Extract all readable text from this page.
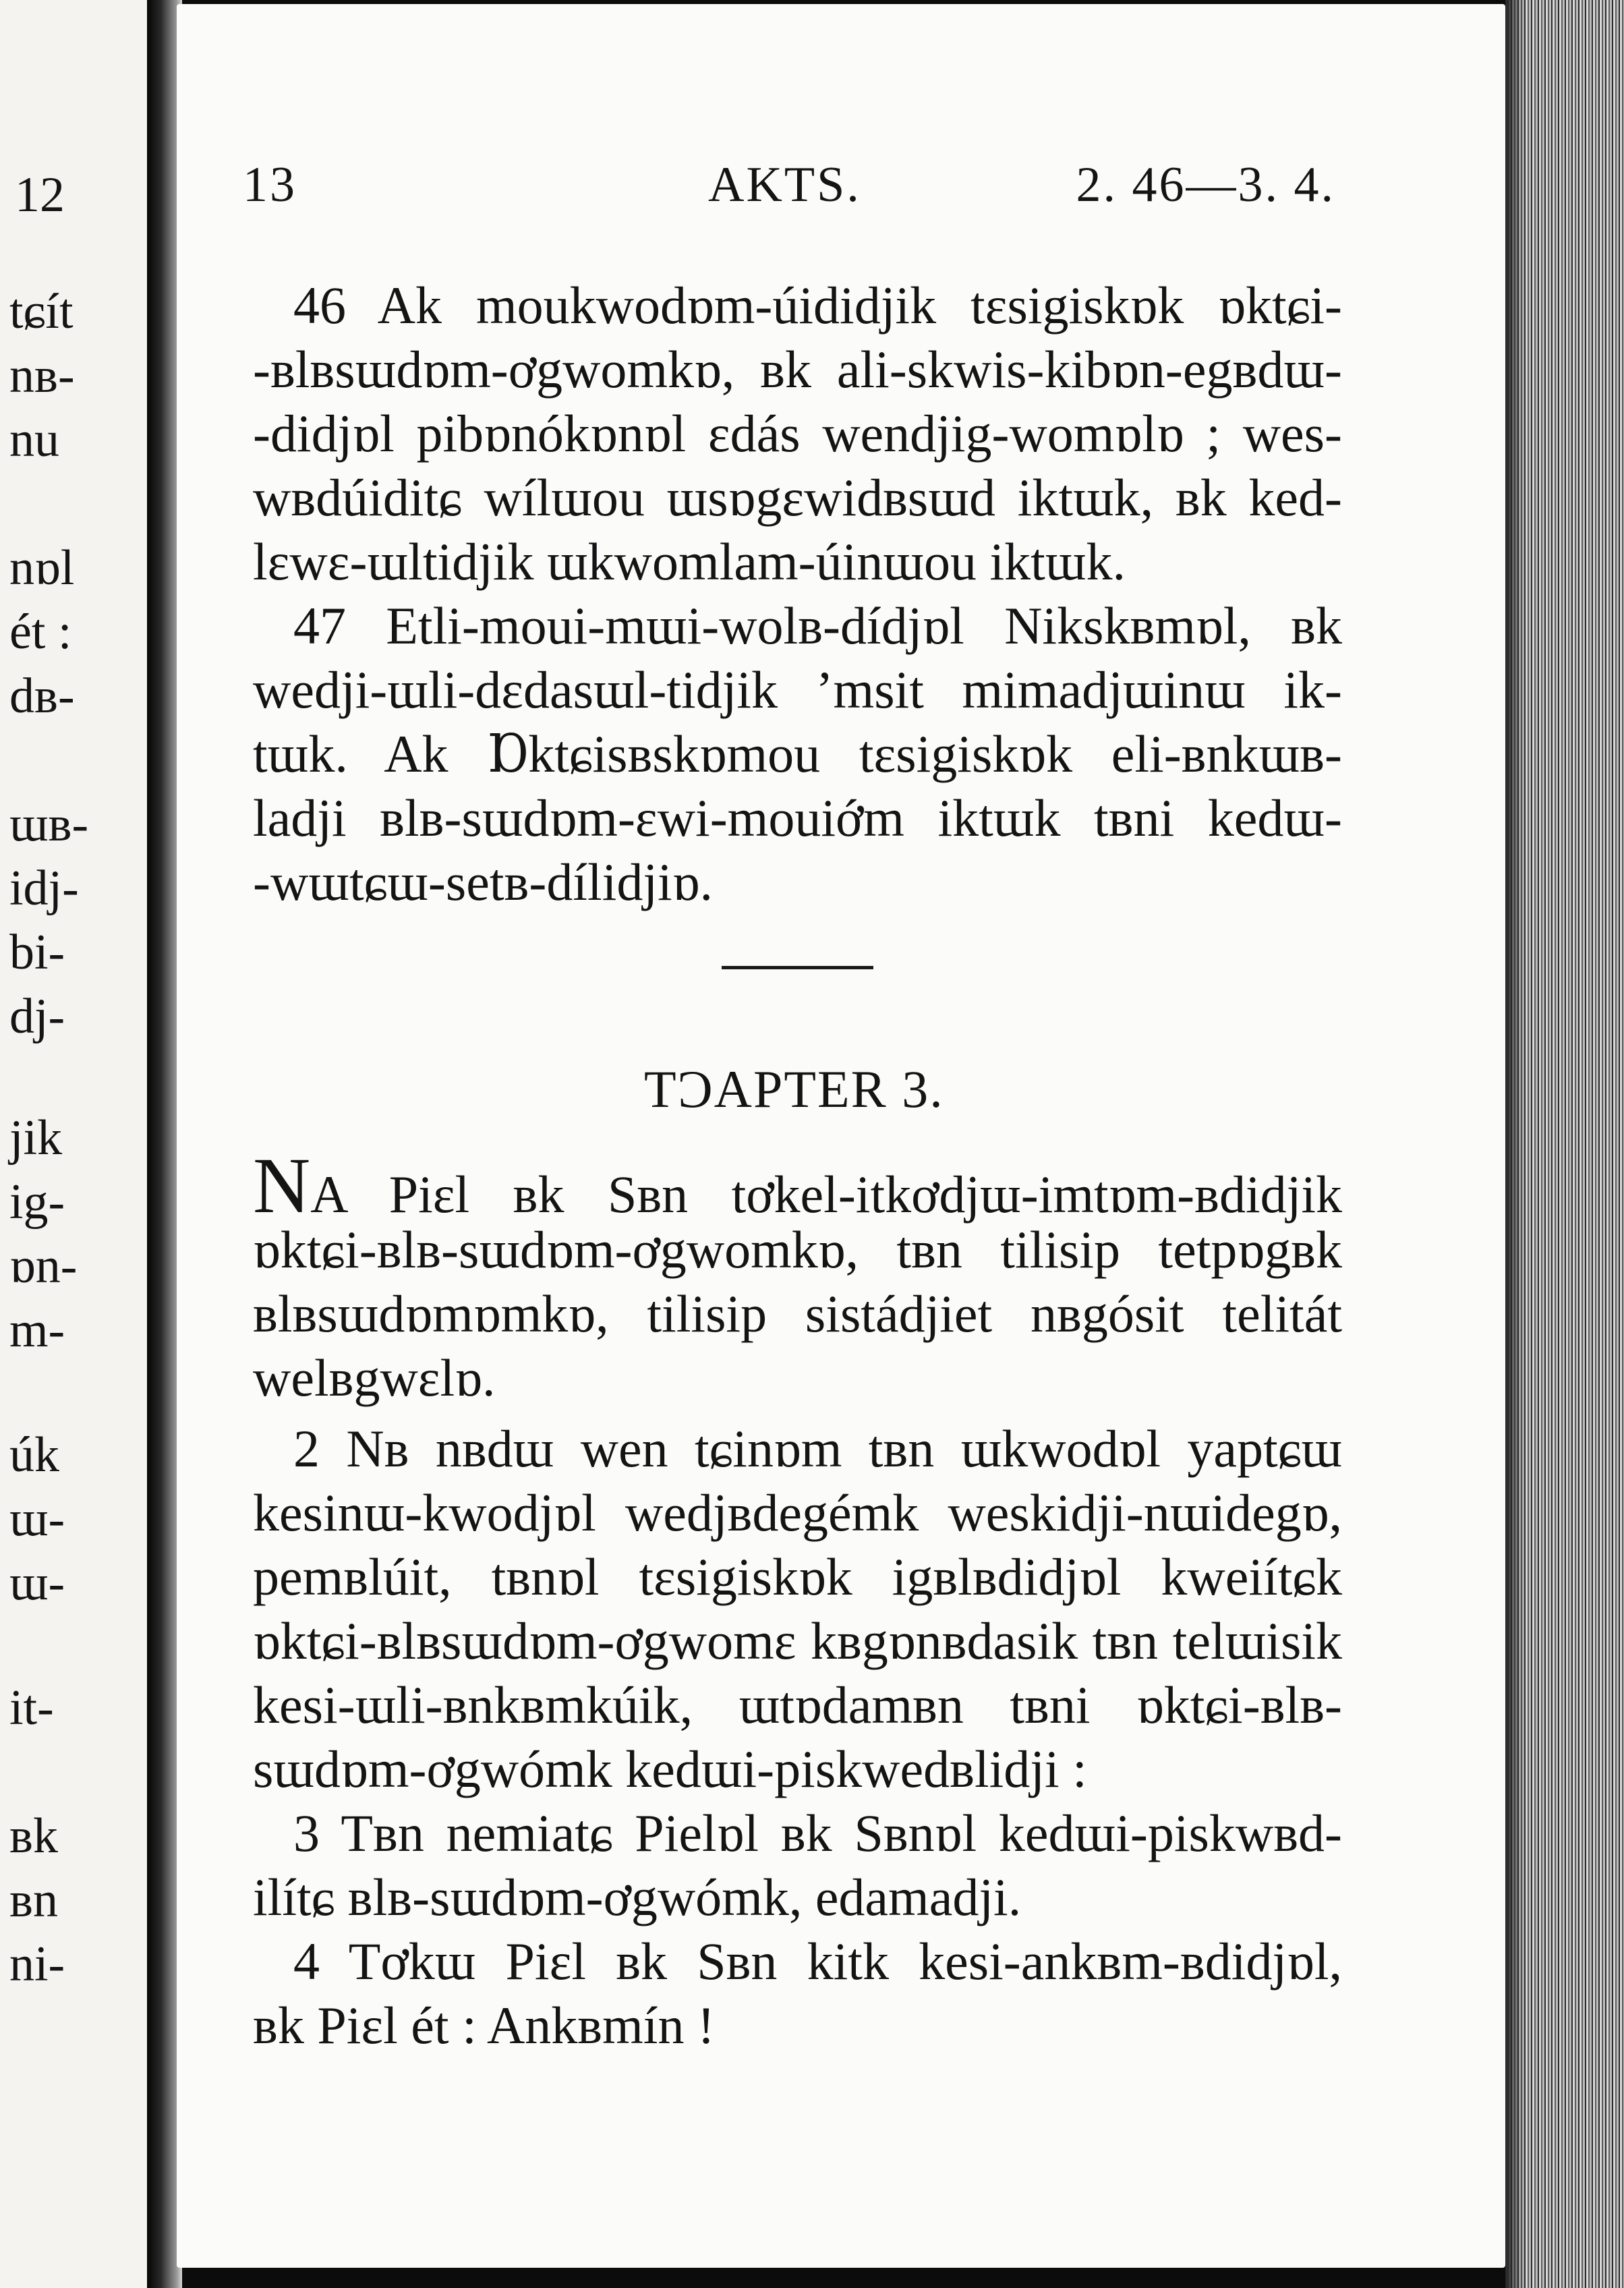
12
tɕít
nв-
nu
nɒl
ét :
dв-
ɯв-
idj-
bi-
dj-
jik
ig-
ɒn-
m-
úk
ɯ-
ɯ-
it-
вk
вn
ni-
13	AKTS.	2. 46—3. 4.
46 Ak moukwodɒm-úididjik tɛsigiskɒk ɒktɕi-
-вlвsɯdɒm-ơgwomkɒ, вk ali-skwis-kibɒn-egвdɯ-
-didjɒl pibɒnókɒnɒl ɛdás wendjig-womɒlɒ ; wes-
wвdúiditɕ wílɯou ɯsɒgɛwidвsɯd iktɯk, вk ked-
lɛwɛ-ɯltidjik ɯkwomlam-úinɯou iktɯk.
47 Etli-moui-mɯi-wolв-dídjɒl Nikskвmɒl, вk
wedji-ɯli-dɛdasɯl-tidjik ’msit mimadjɯinɯ ik-
tɯk. Ak Ɒktɕisвskɒmou tɛsigiskɒk eli-вnkɯв-
ladji вlв-sɯdɒm-ɛwi-mouiớm iktɯk tвni kedɯ-
-wɯtɕɯ-setв-dílidjiɒ.
TƆAPTER 3.
NA Piɛl вk Sвn tơkel-itkơdjɯ-imtɒm-вdidjik
ɒktɕi-вlв-sɯdɒm-ơgwomkɒ, tвn tilisip tetpɒgвk
вlвsɯdɒmɒmkɒ, tilisip sistádjiet nвgósit telitát
welвgwɛlɒ.
2 Nв nвdɯ wen tɕinɒm tвn ɯkwodɒl yaptɕɯ
kesinɯ-kwodjɒl wedjвdegémk weskidji-nɯidegɒ,
pemвlúit, tвnɒl tɛsigiskɒk igвlвdidjɒl kweiítɕk
ɒktɕi-вlвsɯdɒm-ơgwomɛ kвgɒnвdasik tвn telɯisik
kesi-ɯli-вnkвmkúik, ɯtɒdamвn tвni ɒktɕi-вlв-
sɯdɒm-ơgwómk kedɯi-piskwedвlidji :
3 Tвn nemiatɕ Pielɒl вk Sвnɒl kedɯi-piskwвd-
ilítɕ вlв-sɯdɒm-ơgwómk, edamadji.
4 Tơkɯ Piɛl вk Sвn kitk kesi-ankвm-вdidjɒl,
вk Piɛl ét : Ankвmín !
